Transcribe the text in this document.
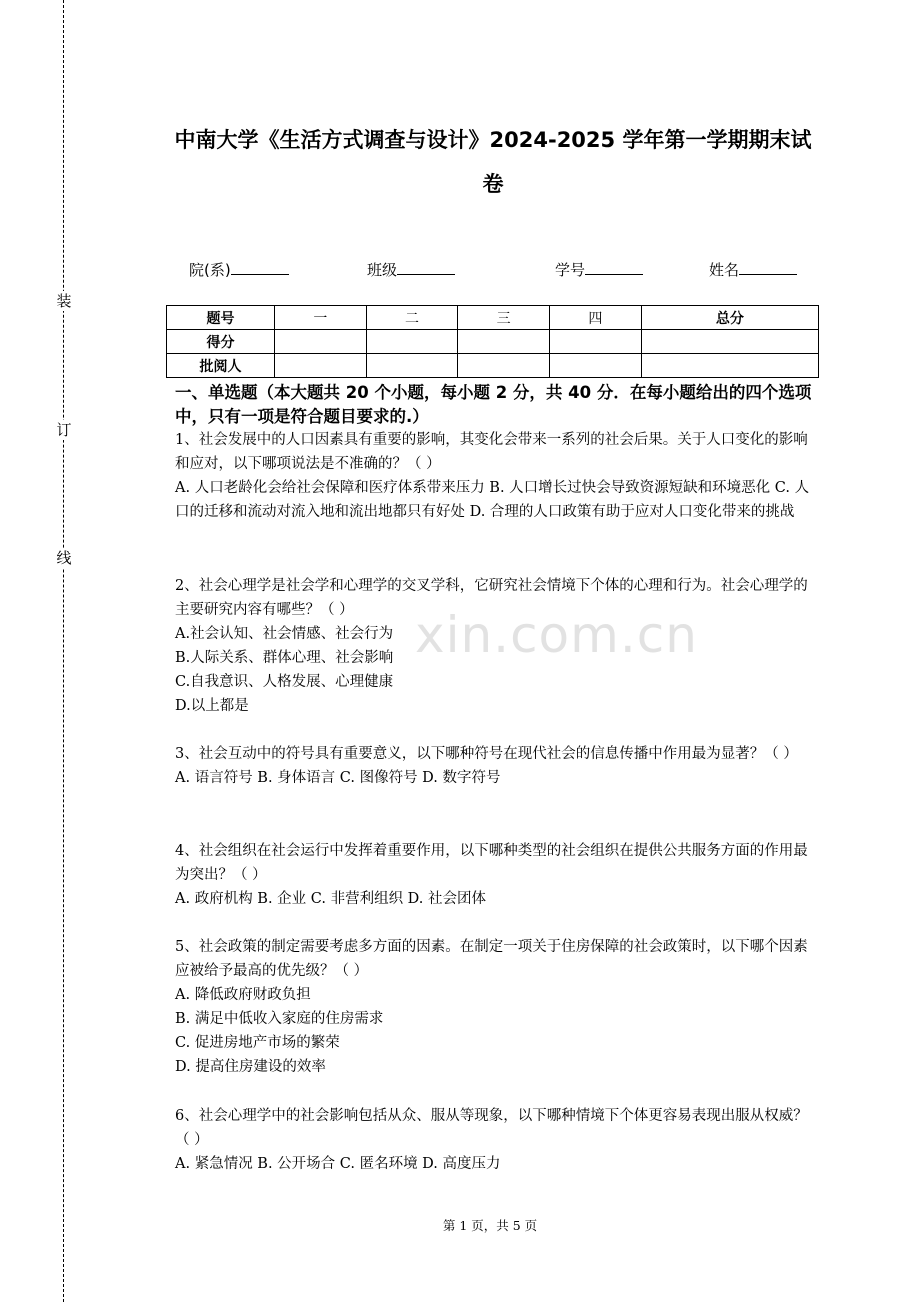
装
订
线
xin.com.cn
中南大学《生活方式调查与设计》2024-2025 学年第一学期期末试
卷
院(系)	班级	学号	姓名
题号	一	二	三	四	总分
得分					
批阅人					
一、单选题（本大题共 20 个小题，每小题 2 分，共 40 分．在每小题给出的四个选项中，只有一项是符合题目要求的.）

1、社会发展中的人口因素具有重要的影响，其变化会带来一系列的社会后果。关于人口变化的影响和应对，以下哪项说法是不准确的？（ ）

A. 人口老龄化会给社会保障和医疗体系带来压力 B. 人口增长过快会导致资源短缺和环境恶化 C. 人口的迁移和流动对流入地和流出地都只有好处 D. 合理的人口政策有助于应对人口变化带来的挑战

2、社会心理学是社会学和心理学的交叉学科，它研究社会情境下个体的心理和行为。社会心理学的主要研究内容有哪些？（ ）

A.社会认知、社会情感、社会行为

B.人际关系、群体心理、社会影响

C.自我意识、人格发展、心理健康

D.以上都是

3、社会互动中的符号具有重要意义，以下哪种符号在现代社会的信息传播中作用最为显著？（ ）

A. 语言符号 B. 身体语言 C. 图像符号 D. 数字符号

4、社会组织在社会运行中发挥着重要作用，以下哪种类型的社会组织在提供公共服务方面的作用最为突出？（ ）

A. 政府机构 B. 企业 C. 非营利组织 D. 社会团体

5、社会政策的制定需要考虑多方面的因素。在制定一项关于住房保障的社会政策时，以下哪个因素应被给予最高的优先级？（ ）

A. 降低政府财政负担

B. 满足中低收入家庭的住房需求

C. 促进房地产市场的繁荣

D. 提高住房建设的效率

6、社会心理学中的社会影响包括从众、服从等现象，以下哪种情境下个体更容易表现出服从权威？（ ）

A. 紧急情况 B. 公开场合 C. 匿名环境 D. 高度压力

第 1 页，共 5 页
